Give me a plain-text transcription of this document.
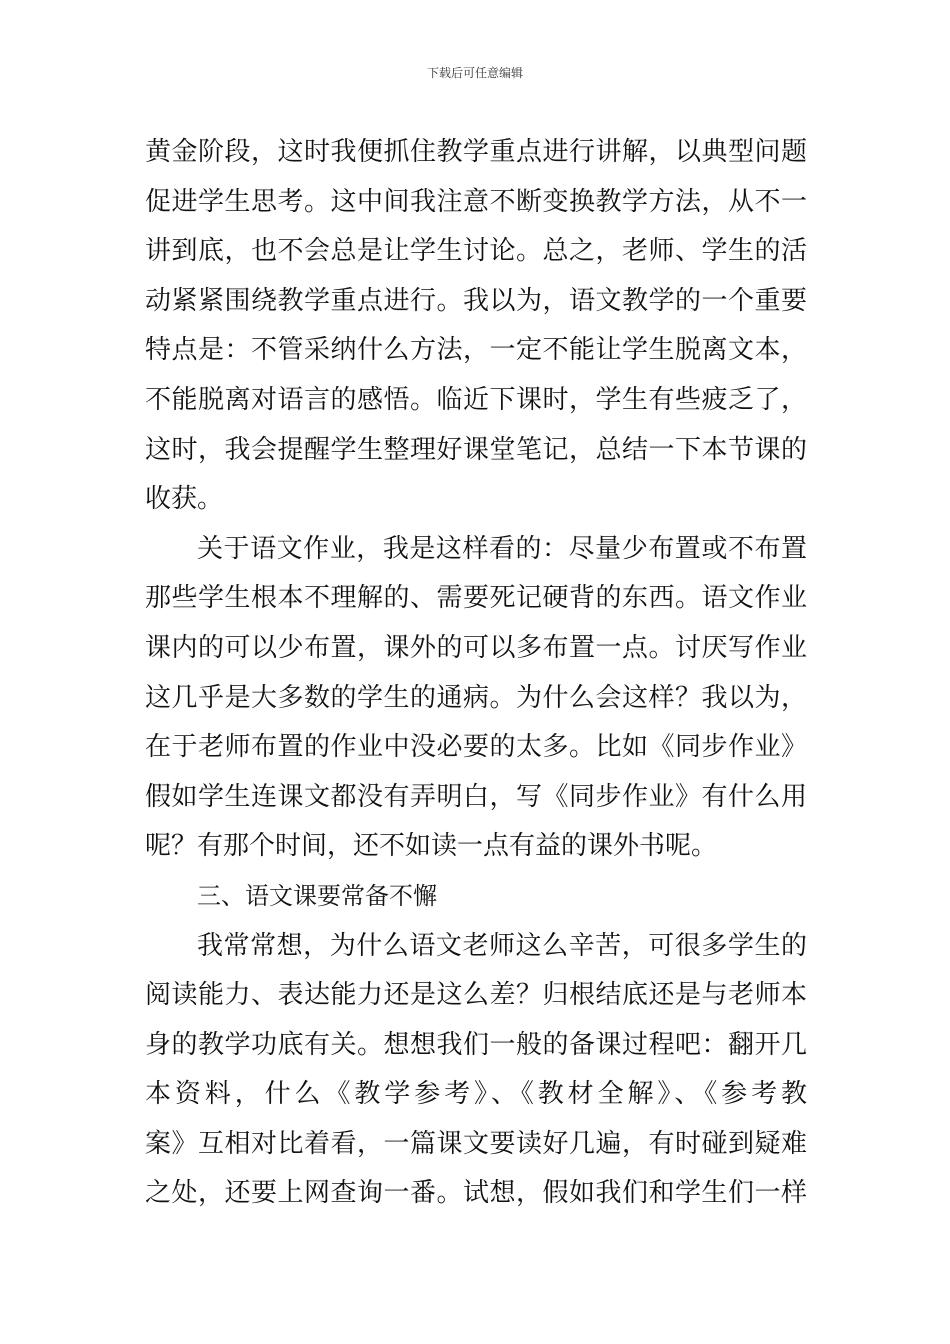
下载后可任意编辑
黄金阶段，这时我便抓住教学重点进行讲解，以典型问题
促进学生思考。这中间我注意不断变换教学方法，从不一
讲到底，也不会总是让学生讨论。总之，老师、学生的活
动紧紧围绕教学重点进行。我以为，语文教学的一个重要
特点是：不管采纳什么方法，一定不能让学生脱离文本，
不能脱离对语言的感悟。临近下课时，学生有些疲乏了，
这时，我会提醒学生整理好课堂笔记，总结一下本节课的
收获。
关于语文作业，我是这样看的：尽量少布置或不布置
那些学生根本不理解的、需要死记硬背的东西。语文作业
课内的可以少布置，课外的可以多布置一点。讨厌写作业
这几乎是大多数的学生的通病。为什么会这样？我以为，
在于老师布置的作业中没必要的太多。比如《同步作业》
假如学生连课文都没有弄明白，写《同步作业》有什么用
呢？有那个时间，还不如读一点有益的课外书呢。
三、语文课要常备不懈
我常常想，为什么语文老师这么辛苦，可很多学生的
阅读能力、表达能力还是这么差？归根结底还是与老师本
身的教学功底有关。想想我们一般的备课过程吧：翻开几
本资料，什么《教学参考》、《教材全解》、《参考教
案》互相对比着看，一篇课文要读好几遍，有时碰到疑难
之处，还要上网查询一番。试想，假如我们和学生们一样
